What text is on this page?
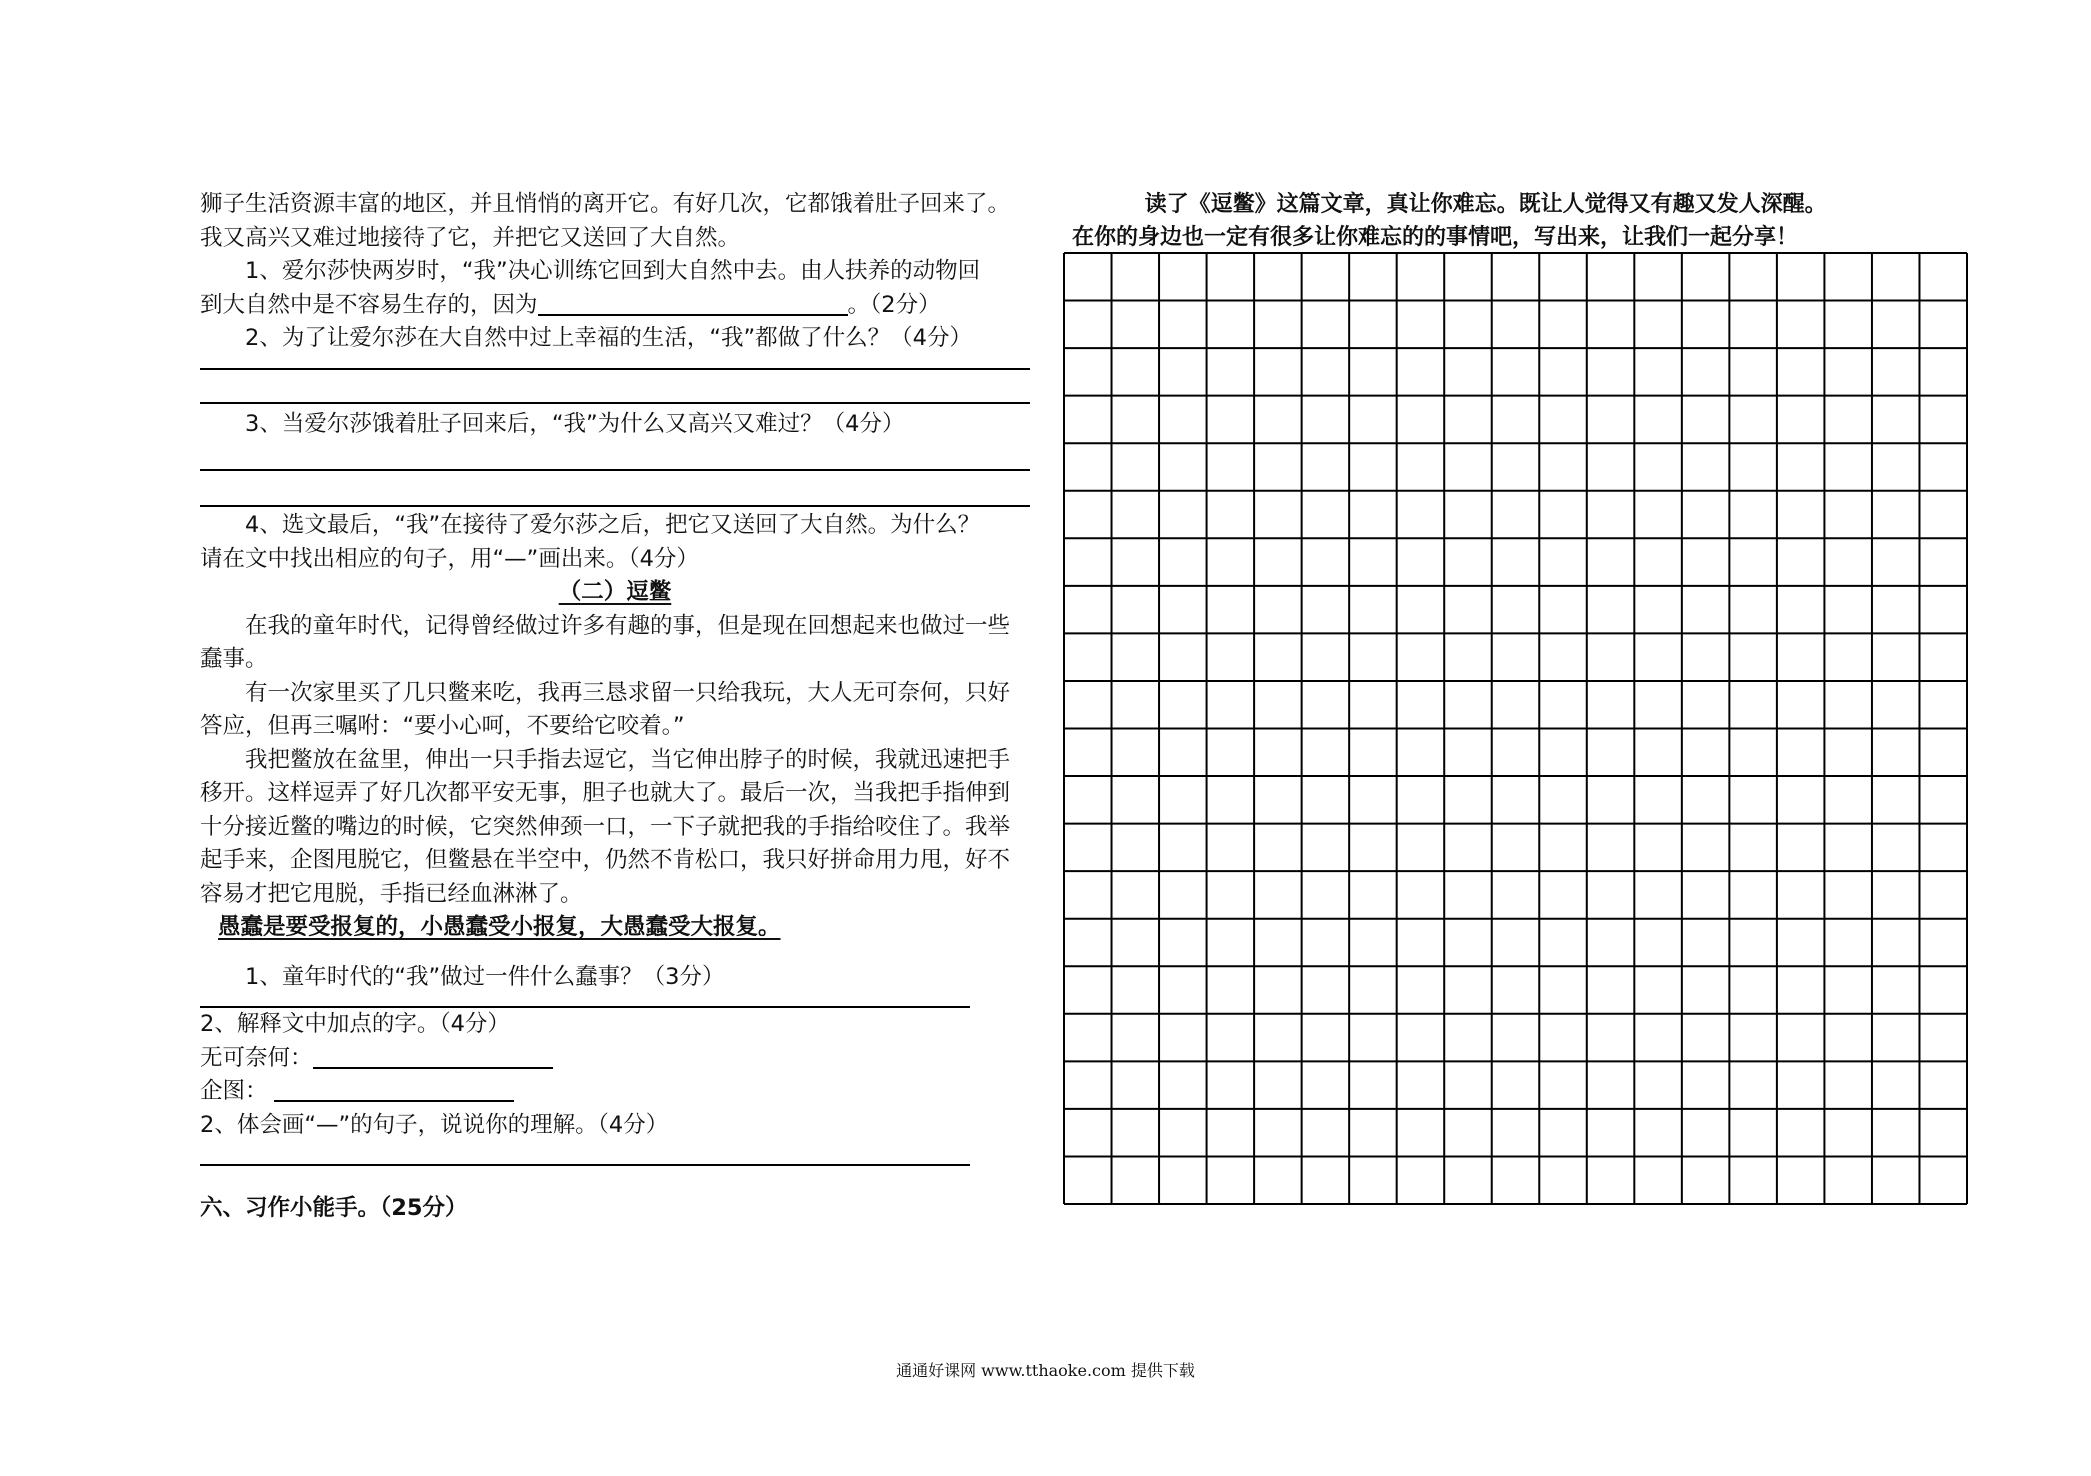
狮子生活资源丰富的地区，并且悄悄的离开它。有好几次，它都饿着肚子回来了。

我又高兴又难过地接待了它，并把它又送回了大自然。

1、爱尔莎快两岁时，“我”决心训练它回到大自然中去。由人扶养的动物回

到大自然中是不容易生存的，因为	。（2分）

2、为了让爱尔莎在大自然中过上幸福的生活，“我”都做了什么？（4分）

3、当爱尔莎饿着肚子回来后，“我”为什么又高兴又难过？（4分）

4、选文最后，“我”在接待了爱尔莎之后，把它又送回了大自然。为什么？

请在文中找出相应的句子，用“—”画出来。（4分）

（二）逗鳖

在我的童年时代，记得曾经做过许多有趣的事，但是现在回想起来也做过一些蠢事。

有一次家里买了几只鳖来吃，我再三恳求留一只给我玩，大人无可奈何，只好答应，但再三嘱咐：“要小心呵，不要给它咬着。”

我把鳖放在盆里，伸出一只手指去逗它，当它伸出脖子的时候，我就迅速把手移开。这样逗弄了好几次都平安无事，胆子也就大了。最后一次，当我把手指伸到十分接近鳖的嘴边的时候，它突然伸颈一口，一下子就把我的手指给咬住了。我举起手来，企图甩脱它，但鳖悬在半空中，仍然不肯松口，我只好拼命用力甩，好不容易才把它甩脱，手指已经血淋淋了。

愚蠢是要受报复的，小愚蠢受小报复，大愚蠢受大报复。

1、童年时代的“我”做过一件什么蠢事？（3分）

2、解释文中加点的字。（4分）

无可奈何：

企图：

2、体会画“—”的句子，说说你的理解。（4分）

六、习作小能手。（25分）

读了《逗鳖》这篇文章，真让你难忘。既让人觉得又有趣又发人深醒。

在你的身边也一定有很多让你难忘的的事情吧，写出来，让我们一起分享！

通通好课网 www.tthaoke.com 提供下载
